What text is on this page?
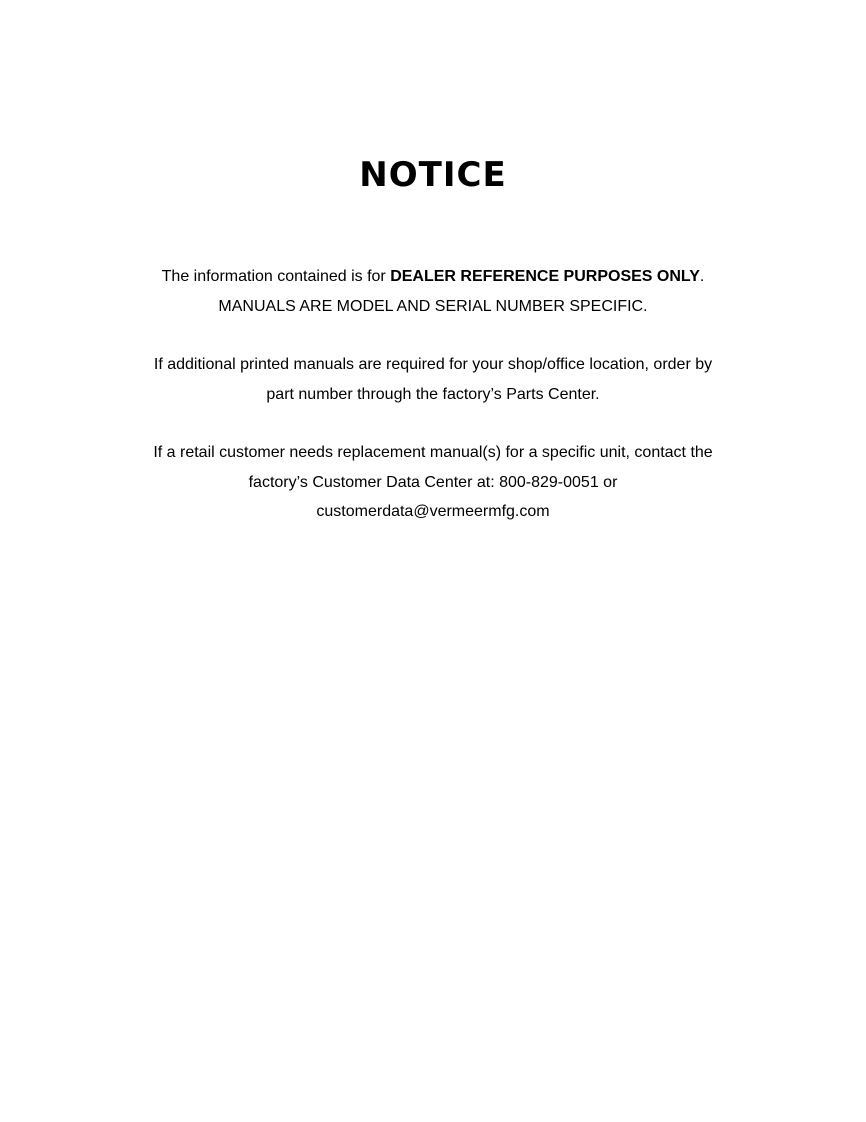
NOTICE

The information contained is for DEALER REFERENCE PURPOSES ONLY.
MANUALS ARE MODEL AND SERIAL NUMBER SPECIFIC.

If additional printed manuals are required for your shop/office location, order by
part number through the factory’s Parts Center.

If a retail customer needs replacement manual(s) for a specific unit, contact the
factory’s Customer Data Center at: 800-829-0051 or
customerdata@vermeermfg.com
